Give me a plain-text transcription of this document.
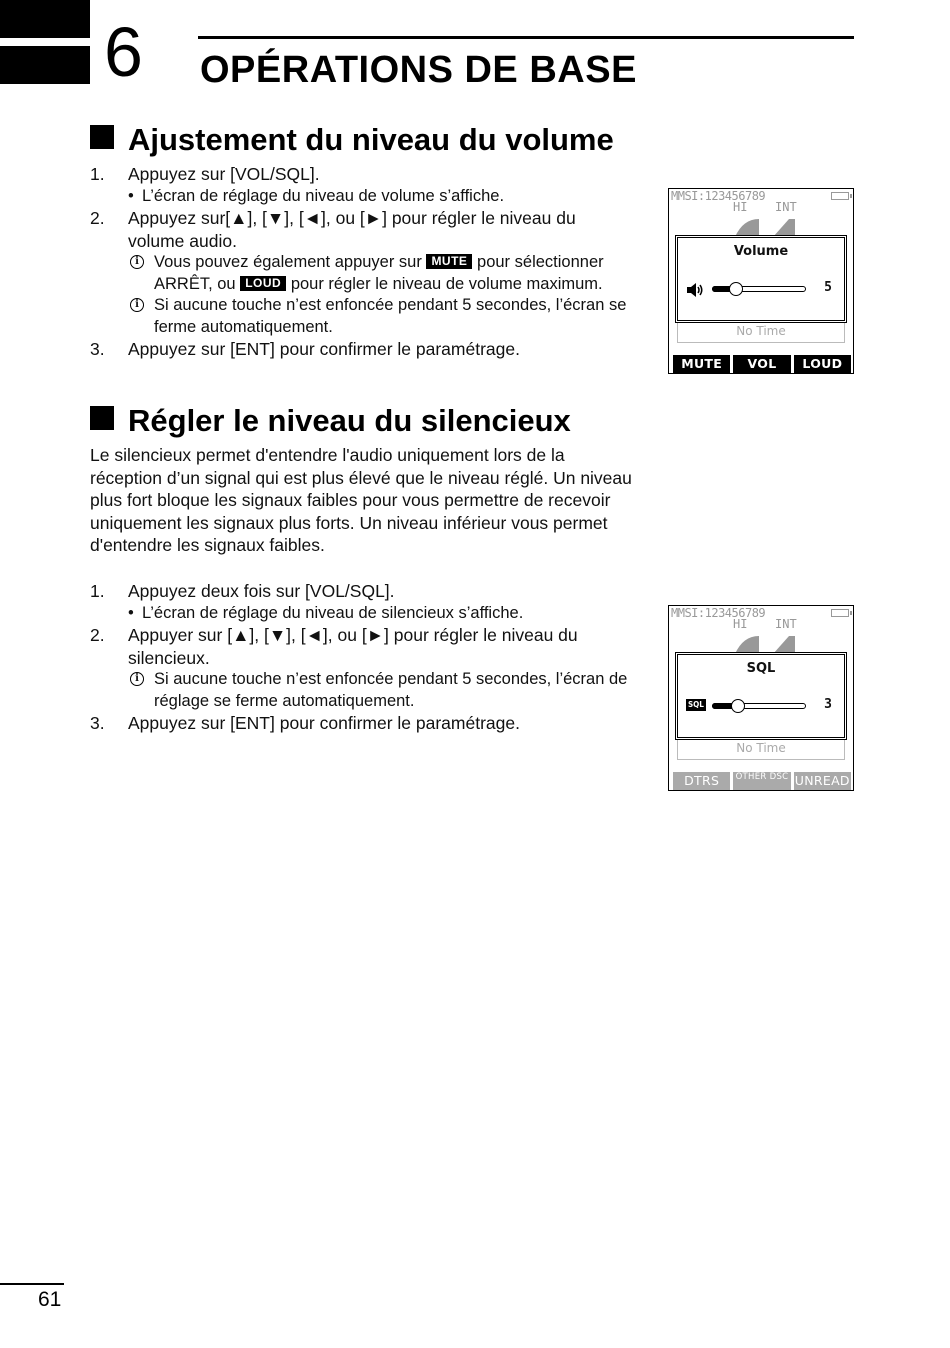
6 OPÉRATIONS DE BASE
Ajustement du niveau du volume
1. Appuyez sur [VOL/SQL].
• L’écran de réglage du niveau de volume s’affiche.
2. Appuyez sur[▲], [▼], [◄], ou [►] pour régler le niveau du volume audio.
i Vous pouvez également appuyer sur MUTE pour sélectionner ARRÊT, ou LOUD pour régler le niveau de volume maximum.
i Si aucune touche n’est enfoncée pendant 5 secondes, l’écran se ferme automatiquement.
3. Appuyez sur [ENT] pour confirmer le paramétrage.
MMSI:123456789
HI INT
Volume
5
No Time
MUTE	VOL	LOUD
Régler le niveau du silencieux
Le silencieux permet d'entendre l'audio uniquement lors de la réception d’un signal qui est plus élevé que le niveau réglé. Un niveau plus fort bloque les signaux faibles pour vous permettre de recevoir uniquement les signaux plus forts. Un niveau inférieur vous permet d'entendre les signaux faibles.
1. Appuyez deux fois sur [VOL/SQL].
• L’écran de réglage du niveau de silencieux s’affiche.
2. Appuyer sur [▲], [▼], [◄], ou [►] pour régler le niveau du silencieux.
i Si aucune touche n’est enfoncée pendant 5 secondes, l’écran de réglage se ferme automatiquement.
3. Appuyez sur [ENT] pour confirmer le paramétrage.
MMSI:123456789
HI INT
SQL
SQL	3
No Time
DTRS	OTHER DSC UNREAD
61
